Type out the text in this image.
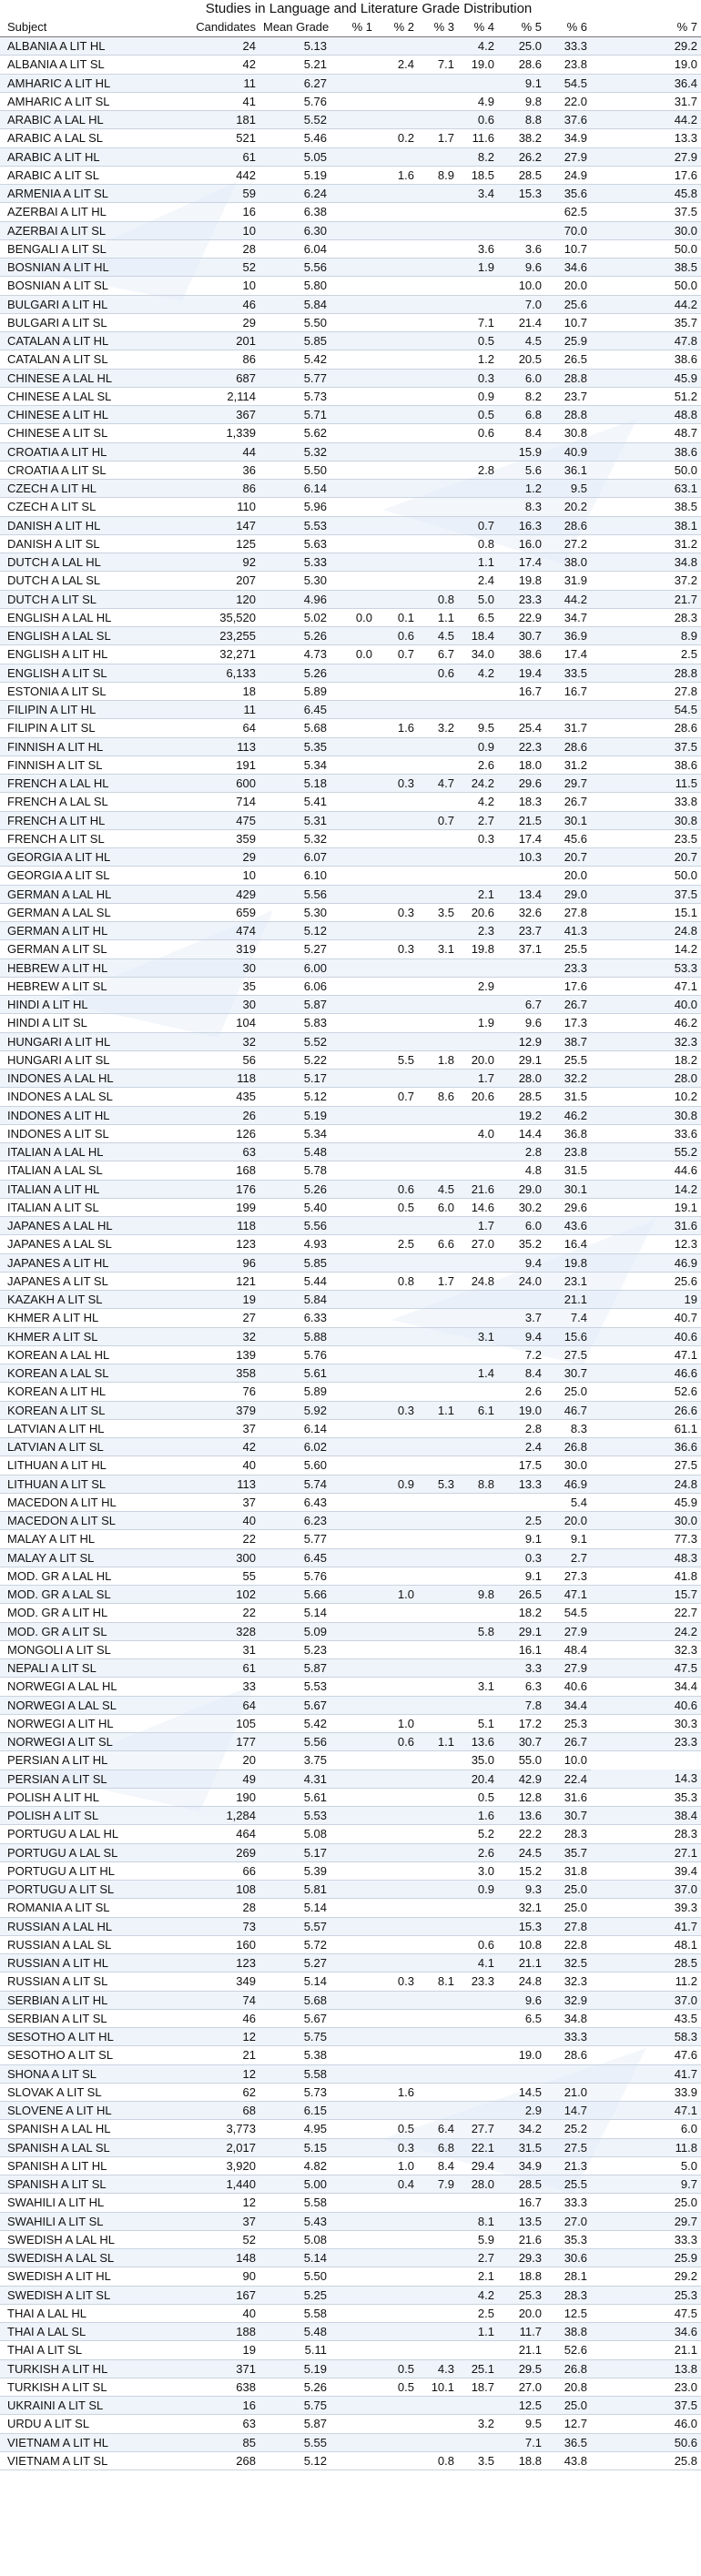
Studies in Language and Literature Grade Distribution
Subject	Candidates	Mean Grade	% 1	% 2	% 3	% 4	% 5	% 6	% 7	
ALBANIA A LIT HL	24	5.13				4.2	25.0	33.3	29.2	
ALBANIA A LIT SL	42	5.21		2.4	7.1	19.0	28.6	23.8	19.0	
AMHARIC A LIT HL	11	6.27					9.1	54.5	36.4	
AMHARIC A LIT SL	41	5.76				4.9	9.8	22.0	31.7	
ARABIC A LAL HL	181	5.52				0.6	8.8	37.6	44.2	
ARABIC A LAL SL	521	5.46		0.2	1.7	11.6	38.2	34.9	13.3	
ARABIC A LIT HL	61	5.05				8.2	26.2	27.9	27.9	
ARABIC A LIT SL	442	5.19		1.6	8.9	18.5	28.5	24.9	17.6	
ARMENIA A LIT SL	59	6.24				3.4	15.3	35.6	45.8	
AZERBAI A LIT HL	16	6.38						62.5	37.5	
AZERBAI A LIT SL	10	6.30						70.0	30.0	
BENGALI A LIT SL	28	6.04				3.6	3.6	10.7	50.0	
BOSNIAN A LIT HL	52	5.56				1.9	9.6	34.6	38.5	
BOSNIAN A LIT SL	10	5.80					10.0	20.0	50.0	
BULGARI A LIT HL	46	5.84					7.0	25.6	44.2	
BULGARI A LIT SL	29	5.50				7.1	21.4	10.7	35.7	
CATALAN A LIT HL	201	5.85				0.5	4.5	25.9	47.8	
CATALAN A LIT SL	86	5.42				1.2	20.5	26.5	38.6	
CHINESE A LAL HL	687	5.77				0.3	6.0	28.8	45.9	
CHINESE A LAL SL	2,114	5.73				0.9	8.2	23.7	51.2	
CHINESE A LIT HL	367	5.71				0.5	6.8	28.8	48.8	
CHINESE A LIT SL	1,339	5.62				0.6	8.4	30.8	48.7	
CROATIA A LIT HL	44	5.32					15.9	40.9	38.6	
CROATIA A LIT SL	36	5.50				2.8	5.6	36.1	50.0	
CZECH A LIT HL	86	6.14					1.2	9.5	63.1	
CZECH A LIT SL	110	5.96					8.3	20.2	38.5	
DANISH A LIT HL	147	5.53				0.7	16.3	28.6	38.1	
DANISH A LIT SL	125	5.63				0.8	16.0	27.2	31.2	
DUTCH A LAL HL	92	5.33				1.1	17.4	38.0	34.8	
DUTCH A LAL SL	207	5.30				2.4	19.8	31.9	37.2	
DUTCH A LIT SL	120	4.96			0.8	5.0	23.3	44.2	21.7	
ENGLISH A LAL HL	35,520	5.02	0.0	0.1	1.1	6.5	22.9	34.7	28.3	
ENGLISH A LAL SL	23,255	5.26		0.6	4.5	18.4	30.7	36.9	8.9	
ENGLISH A LIT HL	32,271	4.73	0.0	0.7	6.7	34.0	38.6	17.4	2.5	
ENGLISH A LIT SL	6,133	5.26			0.6	4.2	19.4	33.5	28.8	
ESTONIA A LIT SL	18	5.89					16.7	16.7	27.8	
FILIPIN A LIT HL	11	6.45							54.5	
FILIPIN A LIT SL	64	5.68		1.6	3.2	9.5	25.4	31.7	28.6	
FINNISH A LIT HL	113	5.35				0.9	22.3	28.6	37.5	
FINNISH A LIT SL	191	5.34				2.6	18.0	31.2	38.6	
FRENCH A LAL HL	600	5.18		0.3	4.7	24.2	29.6	29.7	11.5	
FRENCH A LAL SL	714	5.41				4.2	18.3	26.7	33.8	
FRENCH A LIT HL	475	5.31			0.7	2.7	21.5	30.1	30.8	
FRENCH A LIT SL	359	5.32				0.3	17.4	45.6	23.5	
GEORGIA A LIT HL	29	6.07					10.3	20.7	20.7	
GEORGIA A LIT SL	10	6.10						20.0	50.0	
GERMAN A LAL HL	429	5.56				2.1	13.4	29.0	37.5	
GERMAN A LAL SL	659	5.30		0.3	3.5	20.6	32.6	27.8	15.1	
GERMAN A LIT HL	474	5.12				2.3	23.7	41.3	24.8	
GERMAN A LIT SL	319	5.27		0.3	3.1	19.8	37.1	25.5	14.2	
HEBREW A LIT HL	30	6.00						23.3	53.3	
HEBREW A LIT SL	35	6.06				2.9		17.6	47.1	
HINDI A LIT HL	30	5.87					6.7	26.7	40.0	
HINDI A LIT SL	104	5.83				1.9	9.6	17.3	46.2	
HUNGARI A LIT HL	32	5.52					12.9	38.7	32.3	
HUNGARI A LIT SL	56	5.22		5.5	1.8	20.0	29.1	25.5	18.2	
INDONES A LAL HL	118	5.17				1.7	28.0	32.2	28.0	
INDONES A LAL SL	435	5.12		0.7	8.6	20.6	28.5	31.5	10.2	
INDONES A LIT HL	26	5.19					19.2	46.2	30.8	
INDONES A LIT SL	126	5.34				4.0	14.4	36.8	33.6	
ITALIAN A LAL HL	63	5.48					2.8	23.8	55.2	
ITALIAN A LAL SL	168	5.78					4.8	31.5	44.6	
ITALIAN A LIT HL	176	5.26		0.6	4.5	21.6	29.0	30.1	14.2	
ITALIAN A LIT SL	199	5.40		0.5	6.0	14.6	30.2	29.6	19.1	
JAPANES A LAL HL	118	5.56				1.7	6.0	43.6	31.6	
JAPANES A LAL SL	123	4.93		2.5	6.6	27.0	35.2	16.4	12.3	
JAPANES A LIT HL	96	5.85					9.4	19.8	46.9	
JAPANES A LIT SL	121	5.44		0.8	1.7	24.8	24.0	23.1	25.6	
KAZAKH A LIT SL	19	5.84						21.1	19	
KHMER A LIT HL	27	6.33					3.7	7.4	40.7	
KHMER A LIT SL	32	5.88				3.1	9.4	15.6	40.6	
KOREAN A LAL HL	139	5.76					7.2	27.5	47.1	
KOREAN A LAL SL	358	5.61				1.4	8.4	30.7	46.6	
KOREAN A LIT HL	76	5.89					2.6	25.0	52.6	
KOREAN A LIT SL	379	5.92		0.3	1.1	6.1	19.0	46.7	26.6	
LATVIAN A LIT HL	37	6.14					2.8	8.3	61.1	
LATVIAN A LIT SL	42	6.02					2.4	26.8	36.6	
LITHUAN A LIT HL	40	5.60					17.5	30.0	27.5	
LITHUAN A LIT SL	113	5.74		0.9	5.3	8.8	13.3	46.9	24.8	
MACEDON A LIT HL	37	6.43						5.4	45.9	
MACEDON A LIT SL	40	6.23					2.5	20.0	30.0	
MALAY A LIT HL	22	5.77					9.1	9.1	77.3	
MALAY A LIT SL	300	6.45					0.3	2.7	48.3	
MOD. GR A LAL HL	55	5.76					9.1	27.3	41.8	
MOD. GR A LAL SL	102	5.66		1.0		9.8	26.5	47.1	15.7	
MOD. GR A LIT HL	22	5.14					18.2	54.5	22.7	
MOD. GR A LIT SL	328	5.09				5.8	29.1	27.9	24.2	
MONGOLI A LIT SL	31	5.23					16.1	48.4	32.3	
NEPALI A LIT SL	61	5.87					3.3	27.9	47.5	
NORWEGI A LAL HL	33	5.53				3.1	6.3	40.6	34.4	
NORWEGI A LAL SL	64	5.67					7.8	34.4	40.6	
NORWEGI A LIT HL	105	5.42		1.0		5.1	17.2	25.3	30.3	
NORWEGI A LIT SL	177	5.56		0.6	1.1	13.6	30.7	26.7	23.3	
PERSIAN A LIT HL	20	3.75				35.0	55.0	10.0		
PERSIAN A LIT SL	49	4.31				20.4	42.9	22.4	14.3	
POLISH A LIT HL	190	5.61				0.5	12.8	31.6	35.3	
POLISH A LIT SL	1,284	5.53				1.6	13.6	30.7	38.4	
PORTUGU A LAL HL	464	5.08				5.2	22.2	28.3	28.3	
PORTUGU A LAL SL	269	5.17				2.6	24.5	35.7	27.1	
PORTUGU A LIT HL	66	5.39				3.0	15.2	31.8	39.4	
PORTUGU A LIT SL	108	5.81				0.9	9.3	25.0	37.0	
ROMANIA A LIT SL	28	5.14					32.1	25.0	39.3	
RUSSIAN A LAL HL	73	5.57					15.3	27.8	41.7	
RUSSIAN A LAL SL	160	5.72				0.6	10.8	22.8	48.1	
RUSSIAN A LIT HL	123	5.27				4.1	21.1	32.5	28.5	
RUSSIAN A LIT SL	349	5.14		0.3	8.1	23.3	24.8	32.3	11.2	
SERBIAN A LIT HL	74	5.68					9.6	32.9	37.0	
SERBIAN A LIT SL	46	5.67					6.5	34.8	43.5	
SESOTHO A LIT HL	12	5.75						33.3	58.3	
SESOTHO A LIT SL	21	5.38					19.0	28.6	47.6	
SHONA A LIT SL	12	5.58							41.7	
SLOVAK A LIT SL	62	5.73		1.6			14.5	21.0	33.9	
SLOVENE A LIT HL	68	6.15					2.9	14.7	47.1	
SPANISH A LAL HL	3,773	4.95		0.5	6.4	27.7	34.2	25.2	6.0	
SPANISH A LAL SL	2,017	5.15		0.3	6.8	22.1	31.5	27.5	11.8	
SPANISH A LIT HL	3,920	4.82		1.0	8.4	29.4	34.9	21.3	5.0	
SPANISH A LIT SL	1,440	5.00		0.4	7.9	28.0	28.5	25.5	9.7	
SWAHILI A LIT HL	12	5.58					16.7	33.3	25.0	
SWAHILI A LIT SL	37	5.43				8.1	13.5	27.0	29.7	
SWEDISH A LAL HL	52	5.08				5.9	21.6	35.3	33.3	
SWEDISH A LAL SL	148	5.14				2.7	29.3	30.6	25.9	
SWEDISH A LIT HL	90	5.50				2.1	18.8	28.1	29.2	
SWEDISH A LIT SL	167	5.25				4.2	25.3	28.3	25.3	
THAI A LAL HL	40	5.58				2.5	20.0	12.5	47.5	
THAI A LAL SL	188	5.48				1.1	11.7	38.8	34.6	
THAI A LIT SL	19	5.11					21.1	52.6	21.1	
TURKISH A LIT HL	371	5.19		0.5	4.3	25.1	29.5	26.8	13.8	
TURKISH A LIT SL	638	5.26		0.5	10.1	18.7	27.0	20.8	23.0	
UKRAINI A LIT SL	16	5.75					12.5	25.0	37.5	
URDU A LIT SL	63	5.87				3.2	9.5	12.7	46.0	
VIETNAM A LIT HL	85	5.55					7.1	36.5	50.6	
VIETNAM A LIT SL	268	5.12			0.8	3.5	18.8	43.8	25.8	
